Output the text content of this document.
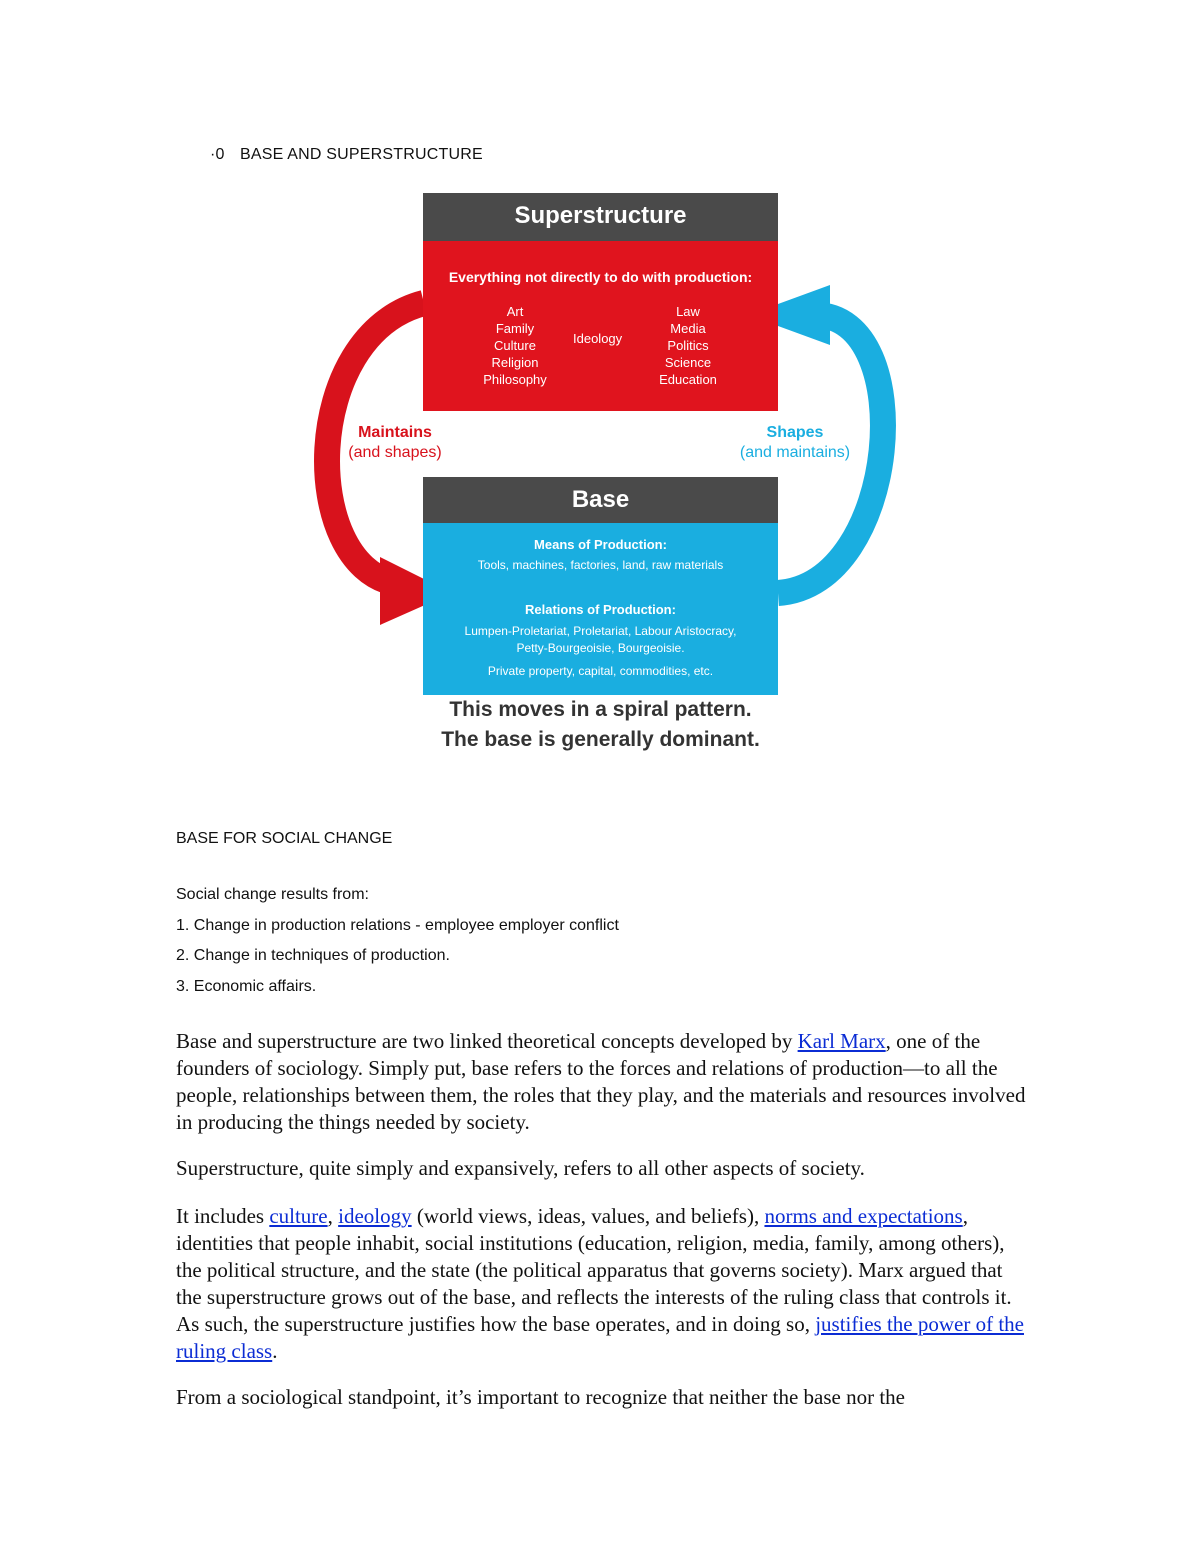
·0 BASE AND SUPERSTRUCTURE
Superstructure
Everything not directly to do with production:
Art
Family
Culture
Religion
Philosophy
Ideology
Law
Media
Politics
Science
Education
Maintains
(and shapes)
Shapes
(and maintains)
Base
Means of Production:
Tools, machines, factories, land, raw materials
Relations of Production:
Lumpen-Proletariat, Proletariat, Labour Aristocracy,
Petty-Bourgeoisie, Bourgeoisie.
Private property, capital, commodities, etc.
This moves in a spiral pattern.
The base is generally dominant.
BASE FOR SOCIAL CHANGE
Social change results from:
1. Change in production relations - employee employer conflict
2. Change in techniques of production.
3. Economic affairs.
Base and superstructure are two linked theoretical concepts developed by Karl Marx, one of the founders of sociology. Simply put, base refers to the forces and relations of production—to all the people, relationships between them, the roles that they play, and the materials and resources involved in producing the things needed by society.
Superstructure, quite simply and expansively, refers to all other aspects of society.
It includes culture, ideology (world views, ideas, values, and beliefs), norms and expectations, identities that people inhabit, social institutions (education, religion, media, family, among others), the political structure, and the state (the political apparatus that governs society). Marx argued that the superstructure grows out of the base, and reflects the interests of the ruling class that controls it. As such, the superstructure justifies how the base operates, and in doing so, justifies the power of the ruling class.
From a sociological standpoint, it’s important to recognize that neither the base nor the
